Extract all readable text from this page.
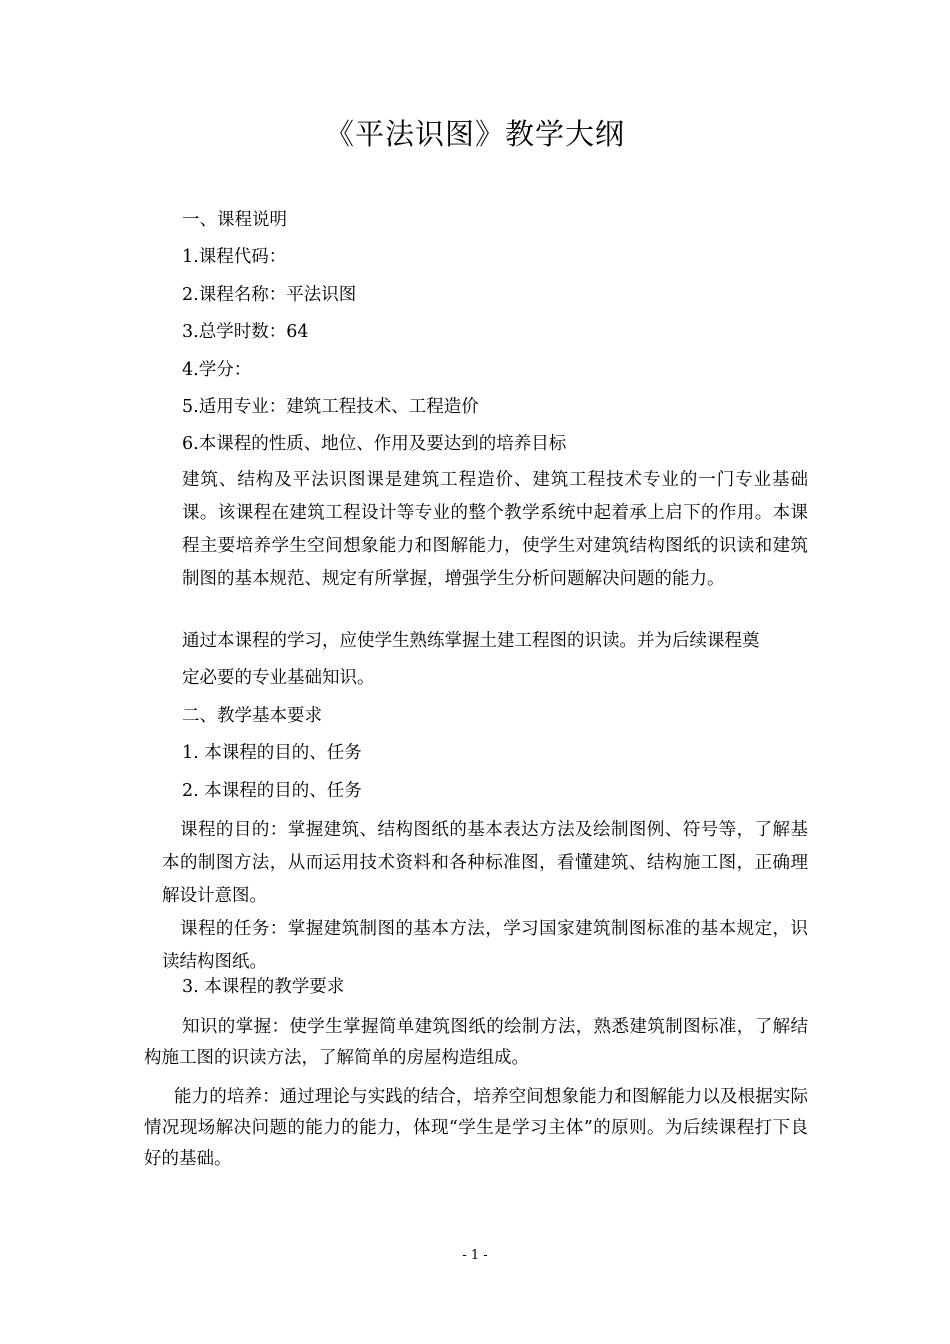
《平法识图》教学大纲
一、课程说明
1.课程代码：
2.课程名称：平法识图
3.总学时数：64
4.学分：
5.适用专业：建筑工程技术、工程造价
6.本课程的性质、地位、作用及要达到的培养目标
建筑、结构及平法识图课是建筑工程造价、建筑工程技术专业的一门专业基础课。该课程在建筑工程设计等专业的整个教学系统中起着承上启下的作用。本课程主要培养学生空间想象能力和图解能力，使学生对建筑结构图纸的识读和建筑制图的基本规范、规定有所掌握，增强学生分析问题解决问题的能力。
通过本课程的学习，应使学生熟练掌握土建工程图的识读。并为后续课程奠
定必要的专业基础知识。
二、教学基本要求
1. 本课程的目的、任务
2. 本课程的目的、任务
课程的目的：掌握建筑、结构图纸的基本表达方法及绘制图例、符号等，了解基本的制图方法，从而运用技术资料和各种标准图，看懂建筑、结构施工图，正确理解设计意图。
课程的任务：掌握建筑制图的基本方法，学习国家建筑制图标准的基本规定，识读结构图纸。
3. 本课程的教学要求
知识的掌握：使学生掌握简单建筑图纸的绘制方法，熟悉建筑制图标准，了解结构施工图的识读方法，了解简单的房屋构造组成。
能力的培养：通过理论与实践的结合，培养空间想象能力和图解能力以及根据实际情况现场解决问题的能力的能力，体现“学生是学习主体”的原则。为后续课程打下良好的基础。
- 1 -
